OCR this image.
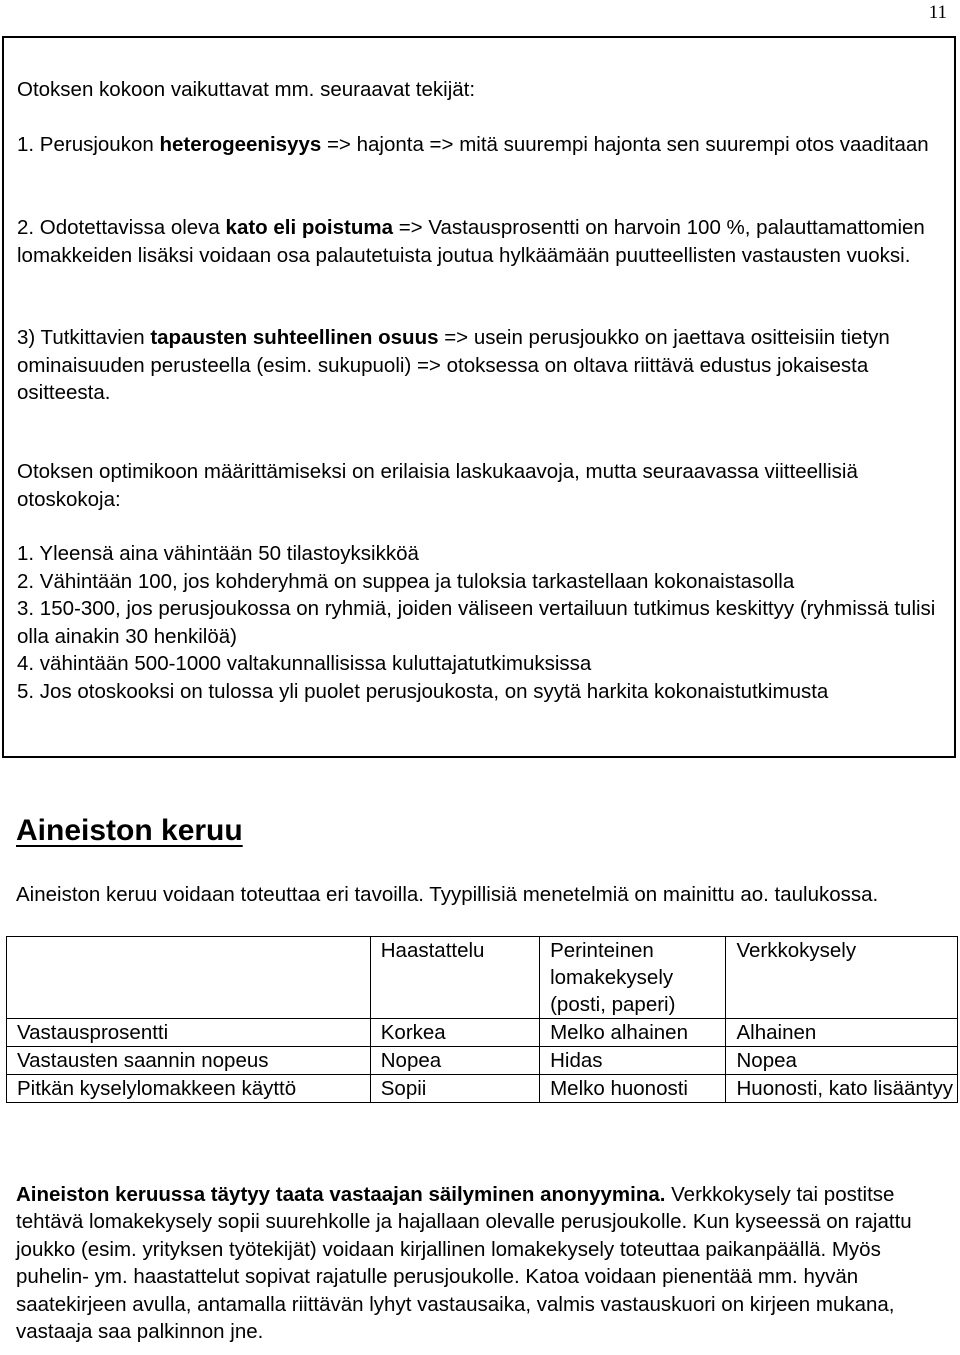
11

Otoksen kokoon vaikuttavat mm. seuraavat tekijät:

1. Perusjoukon heterogeenisyys => hajonta => mitä suurempi hajonta sen suurempi otos vaaditaan

2. Odotettavissa oleva kato eli poistuma => Vastausprosentti on harvoin 100 %, palauttamattomien lomakkeiden lisäksi voidaan osa palautetuista joutua hylkäämään puutteellisten vastausten vuoksi.

3) Tutkittavien tapausten suhteellinen osuus => usein perusjoukko on jaettava ositteisiin tietyn ominaisuuden perusteella (esim. sukupuoli) => otoksessa on oltava riittävä edustus jokaisesta ositteesta.

Otoksen optimikoon määrittämiseksi on erilaisia laskukaavoja, mutta seuraavassa viitteellisiä otoskokoja:

1. Yleensä aina vähintään 50 tilastoyksikköä
2. Vähintään 100, jos kohderyhmä on suppea ja tuloksia tarkastellaan kokonaistasolla
3. 150-300, jos perusjoukossa on ryhmiä, joiden väliseen vertailuun tutkimus keskittyy (ryhmissä tulisi olla ainakin 30 henkilöä)
4. vähintään 500-1000 valtakunnallisissa kuluttajatutkimuksissa
5. Jos otoskooksi on tulossa yli puolet perusjoukosta, on syytä harkita kokonaistutkimusta
Aineiston keruu
Aineiston keruu voidaan toteuttaa eri tavoilla. Tyypillisiä menetelmiä on mainittu ao. taulukossa.
	Haastattelu	Perinteinen lomakekysely (posti, paperi)	Verkkokysely
Vastausprosentti	Korkea	Melko alhainen	Alhainen
Vastausten saannin nopeus	Nopea	Hidas	Nopea
Pitkän kyselylomakkeen käyttö	Sopii	Melko huonosti	Huonosti, kato lisääntyy

Aineiston keruussa täytyy taata vastaajan säilyminen anonyymina. Verkkokysely tai postitse tehtävä lomakekysely sopii suurehkolle ja hajallaan olevalle perusjoukolle. Kun kyseessä on rajattu joukko (esim. yrityksen työtekijät) voidaan kirjallinen lomakekysely toteuttaa paikanpäällä. Myös puhelin- ym. haastattelut sopivat rajatulle perusjoukolle. Katoa voidaan pienentää mm. hyvän saatekirjeen avulla, antamalla riittävän lyhyt vastausaika, valmis vastauskuori on kirjeen mukana, vastaaja saa palkinnon jne.
